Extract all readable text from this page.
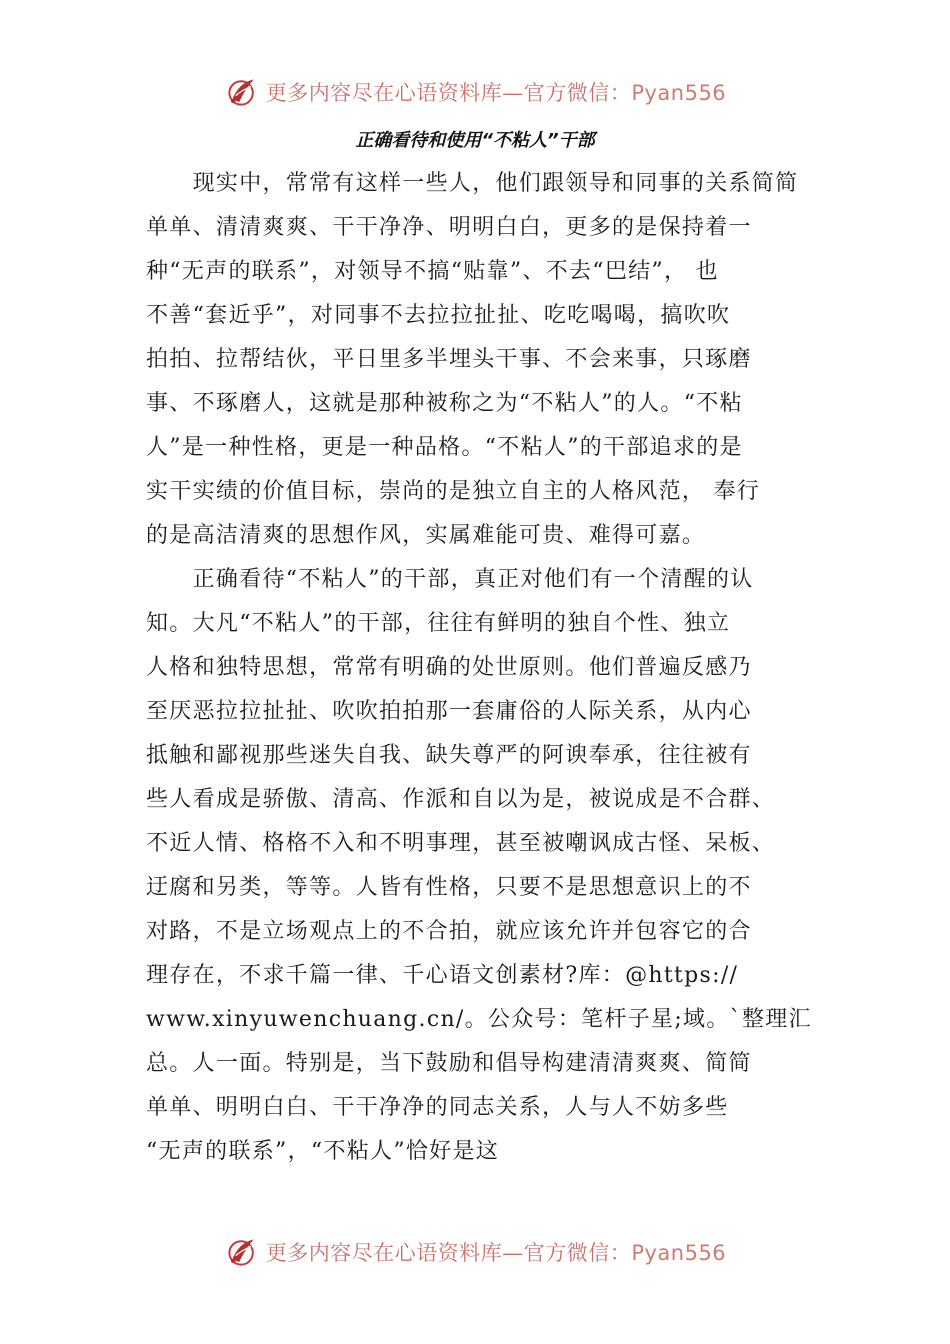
更多内容尽在心语资料库—官方微信：Pyan556
正确看待和使用“不粘人”干部
　　现实中，常常有这样一些人，他们跟领导和同事的关系简简
单单、清清爽爽、干干净净、明明白白，更多的是保持着一
种“无声的联系”，对领导不搞“贴靠”、不去“巴结”， 也
不善“套近乎”，对同事不去拉拉扯扯、吃吃喝喝，搞吹吹
拍拍、拉帮结伙，平日里多半埋头干事、不会来事，只琢磨
事、不琢磨人，这就是那种被称之为“不粘人”的人。“不粘
人”是一种性格，更是一种品格。“不粘人”的干部追求的是
实干实绩的价值目标，崇尚的是独立自主的人格风范， 奉行
的是高洁清爽的思想作风，实属难能可贵、难得可嘉。
　　正确看待“不粘人”的干部，真正对他们有一个清醒的认
知。大凡“不粘人”的干部，往往有鲜明的独自个性、独立
人格和独特思想，常常有明确的处世原则。他们普遍反感乃
至厌恶拉拉扯扯、吹吹拍拍那一套庸俗的人际关系，从内心
抵触和鄙视那些迷失自我、缺失尊严的阿谀奉承，往往被有
些人看成是骄傲、清高、作派和自以为是，被说成是不合群、
不近人情、格格不入和不明事理，甚至被嘲讽成古怪、呆板、
迂腐和另类，等等。人皆有性格，只要不是思想意识上的不
对路，不是立场观点上的不合拍，就应该允许并包容它的合
理存在，不求千篇一律、千心语文创素材?库：@https://
www.xinyuwenchuang.cn/。公众号：笔杆子星;域。`整理汇
总。人一面。特别是，当下鼓励和倡导构建清清爽爽、简简
单单、明明白白、干干净净的同志关系，人与人不妨多些
“无声的联系”，“不粘人”恰好是这
更多内容尽在心语资料库—官方微信：Pyan556
